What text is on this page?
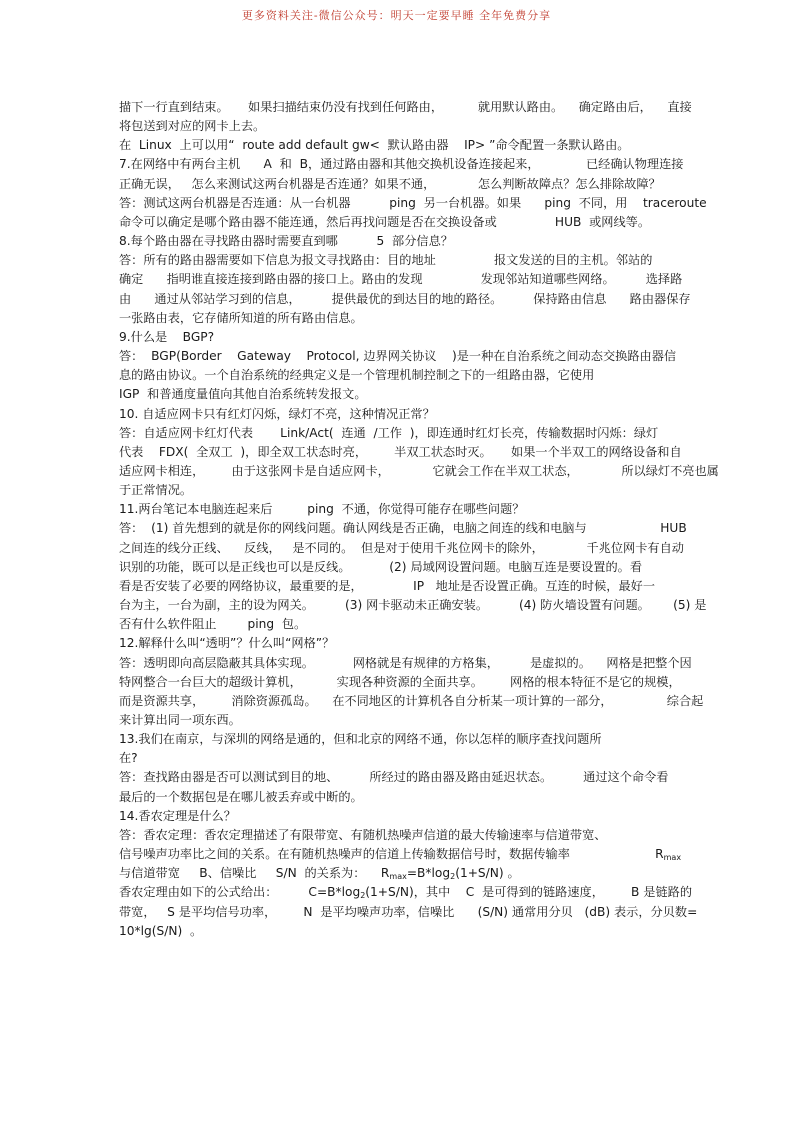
更多资料关注-微信公众号：明天一定要早睡 全年免费分享

描下一行直到结束。     如果扫描结束仍没有找到任何路由，         就用默认路由。    确定路由后，    直接

将包送到对应的网卡上去。

在  Linux  上可以用“  route add default gw<  默认路由器    IP> ”命令配置一条默认路由。

7.在网络中有两台主机      A  和  B，通过路由器和其他交换机设备连接起来，            已经确认物理连接

正确无误，   怎么来测试这两台机器是否连通？如果不通，           怎么判断故障点？怎么排除故障？

答：测试这两台机器是否连通：从一台机器          ping  另一台机器。如果      ping  不同，用    traceroute

命令可以确定是哪个路由器不能连通，然后再找问题是否在交换设备或               HUB  或网线等。

8.每个路由器在寻找路由器时需要直到哪          5  部分信息？

答：所有的路由器需要如下信息为报文寻找路由：目的地址               报文发送的目的主机。邻站的

确定      指明谁直接连接到路由器的接口上。路由的发现               发现邻站知道哪些网络。        选择路

由      通过从邻站学习到的信息，        提供最优的到达目的地的路径。        保持路由信息      路由器保存

一张路由表，它存储所知道的所有路由信息。

9.什么是    BGP?

答：  BGP(Border    Gateway    Protocol, 边界网关协议    )是一种在自治系统之间动态交换路由器信

息的路由协议。一个自治系统的经典定义是一个管理机制控制之下的一组路由器，它使用

IGP  和普通度量值向其他自治系统转发报文。

10. 自适应网卡只有红灯闪烁，绿灯不亮，这种情况正常？

答：自适应网卡红灯代表       Link/Act(  连通  /工作  )，即连通时红灯长亮，传输数据时闪烁：绿灯

代表    FDX(  全双工  )，即全双工状态时亮，       半双工状态时灭。     如果一个半双工的网络设备和自

适应网卡相连，       由于这张网卡是自适应网卡，           它就会工作在半双工状态，           所以绿灯不亮也属

于正常情况。

11.两台笔记本电脑连起来后         ping  不通，你觉得可能存在哪些问题？

答：  (1) 首先想到的就是你的网线问题。确认网线是否正确，电脑之间连的线和电脑与                   HUB

之间连的线分正线、    反线，   是不同的。  但是对于使用千兆位网卡的除外，           千兆位网卡有自动

识别的功能，既可以是正线也可以是反线。          (2) 局域网设置问题。电脑互连是要设置的。看

看是否安装了必要的网络协议，最重要的是，             IP   地址是否设置正确。互连的时候，最好一

台为主，一台为副，主的设为网关。        (3) 网卡驱动未正确安装。        (4) 防火墙设置有问题。      (5) 是

否有什么软件阻止        ping  包。

12.解释什么叫“透明”？什么叫“网格”？

答：透明即向高层隐蔽其具体实现。          网格就是有规律的方格集，        是虚拟的。    网格是把整个因

特网整合一台巨大的超级计算机，         实现各种资源的全面共享。       网格的根本特征不是它的规模，

而是资源共享，       消除资源孤岛。    在不同地区的计算机各自分析某一项计算的一部分，              综合起

来计算出同一项东西。

13.我们在南京，与深圳的网络是通的，但和北京的网络不通，你以怎样的顺序查找问题所

在?

答：查找路由器是否可以测试到目的地、        所经过的路由器及路由延迟状态。        通过这个命令看

最后的一个数据包是在哪儿被丢弃或中断的。

14.香农定理是什么？

答：香农定理：香农定理描述了有限带宽、有随机热噪声信道的最大传输速率与信道带宽、

信号噪声功率比之间的关系。在有随机热噪声的信道上传输数据信号时，数据传输率                      $R_{max}$

与信道带宽     B、信噪比     S/N  的关系为：    $R_{max}=B*\log_2(1+S/N)$ 。

香农定理由如下的公式给出：        $C=B*\log_2(1+S/N)$，其中    C  是可得到的链路速度，       B 是链路的

带宽，   S 是平均信号功率，       N  是平均噪声功率，信噪比      (S/N) 通常用分贝   (dB) 表示，分贝数=

10*lg(S/N)  。
